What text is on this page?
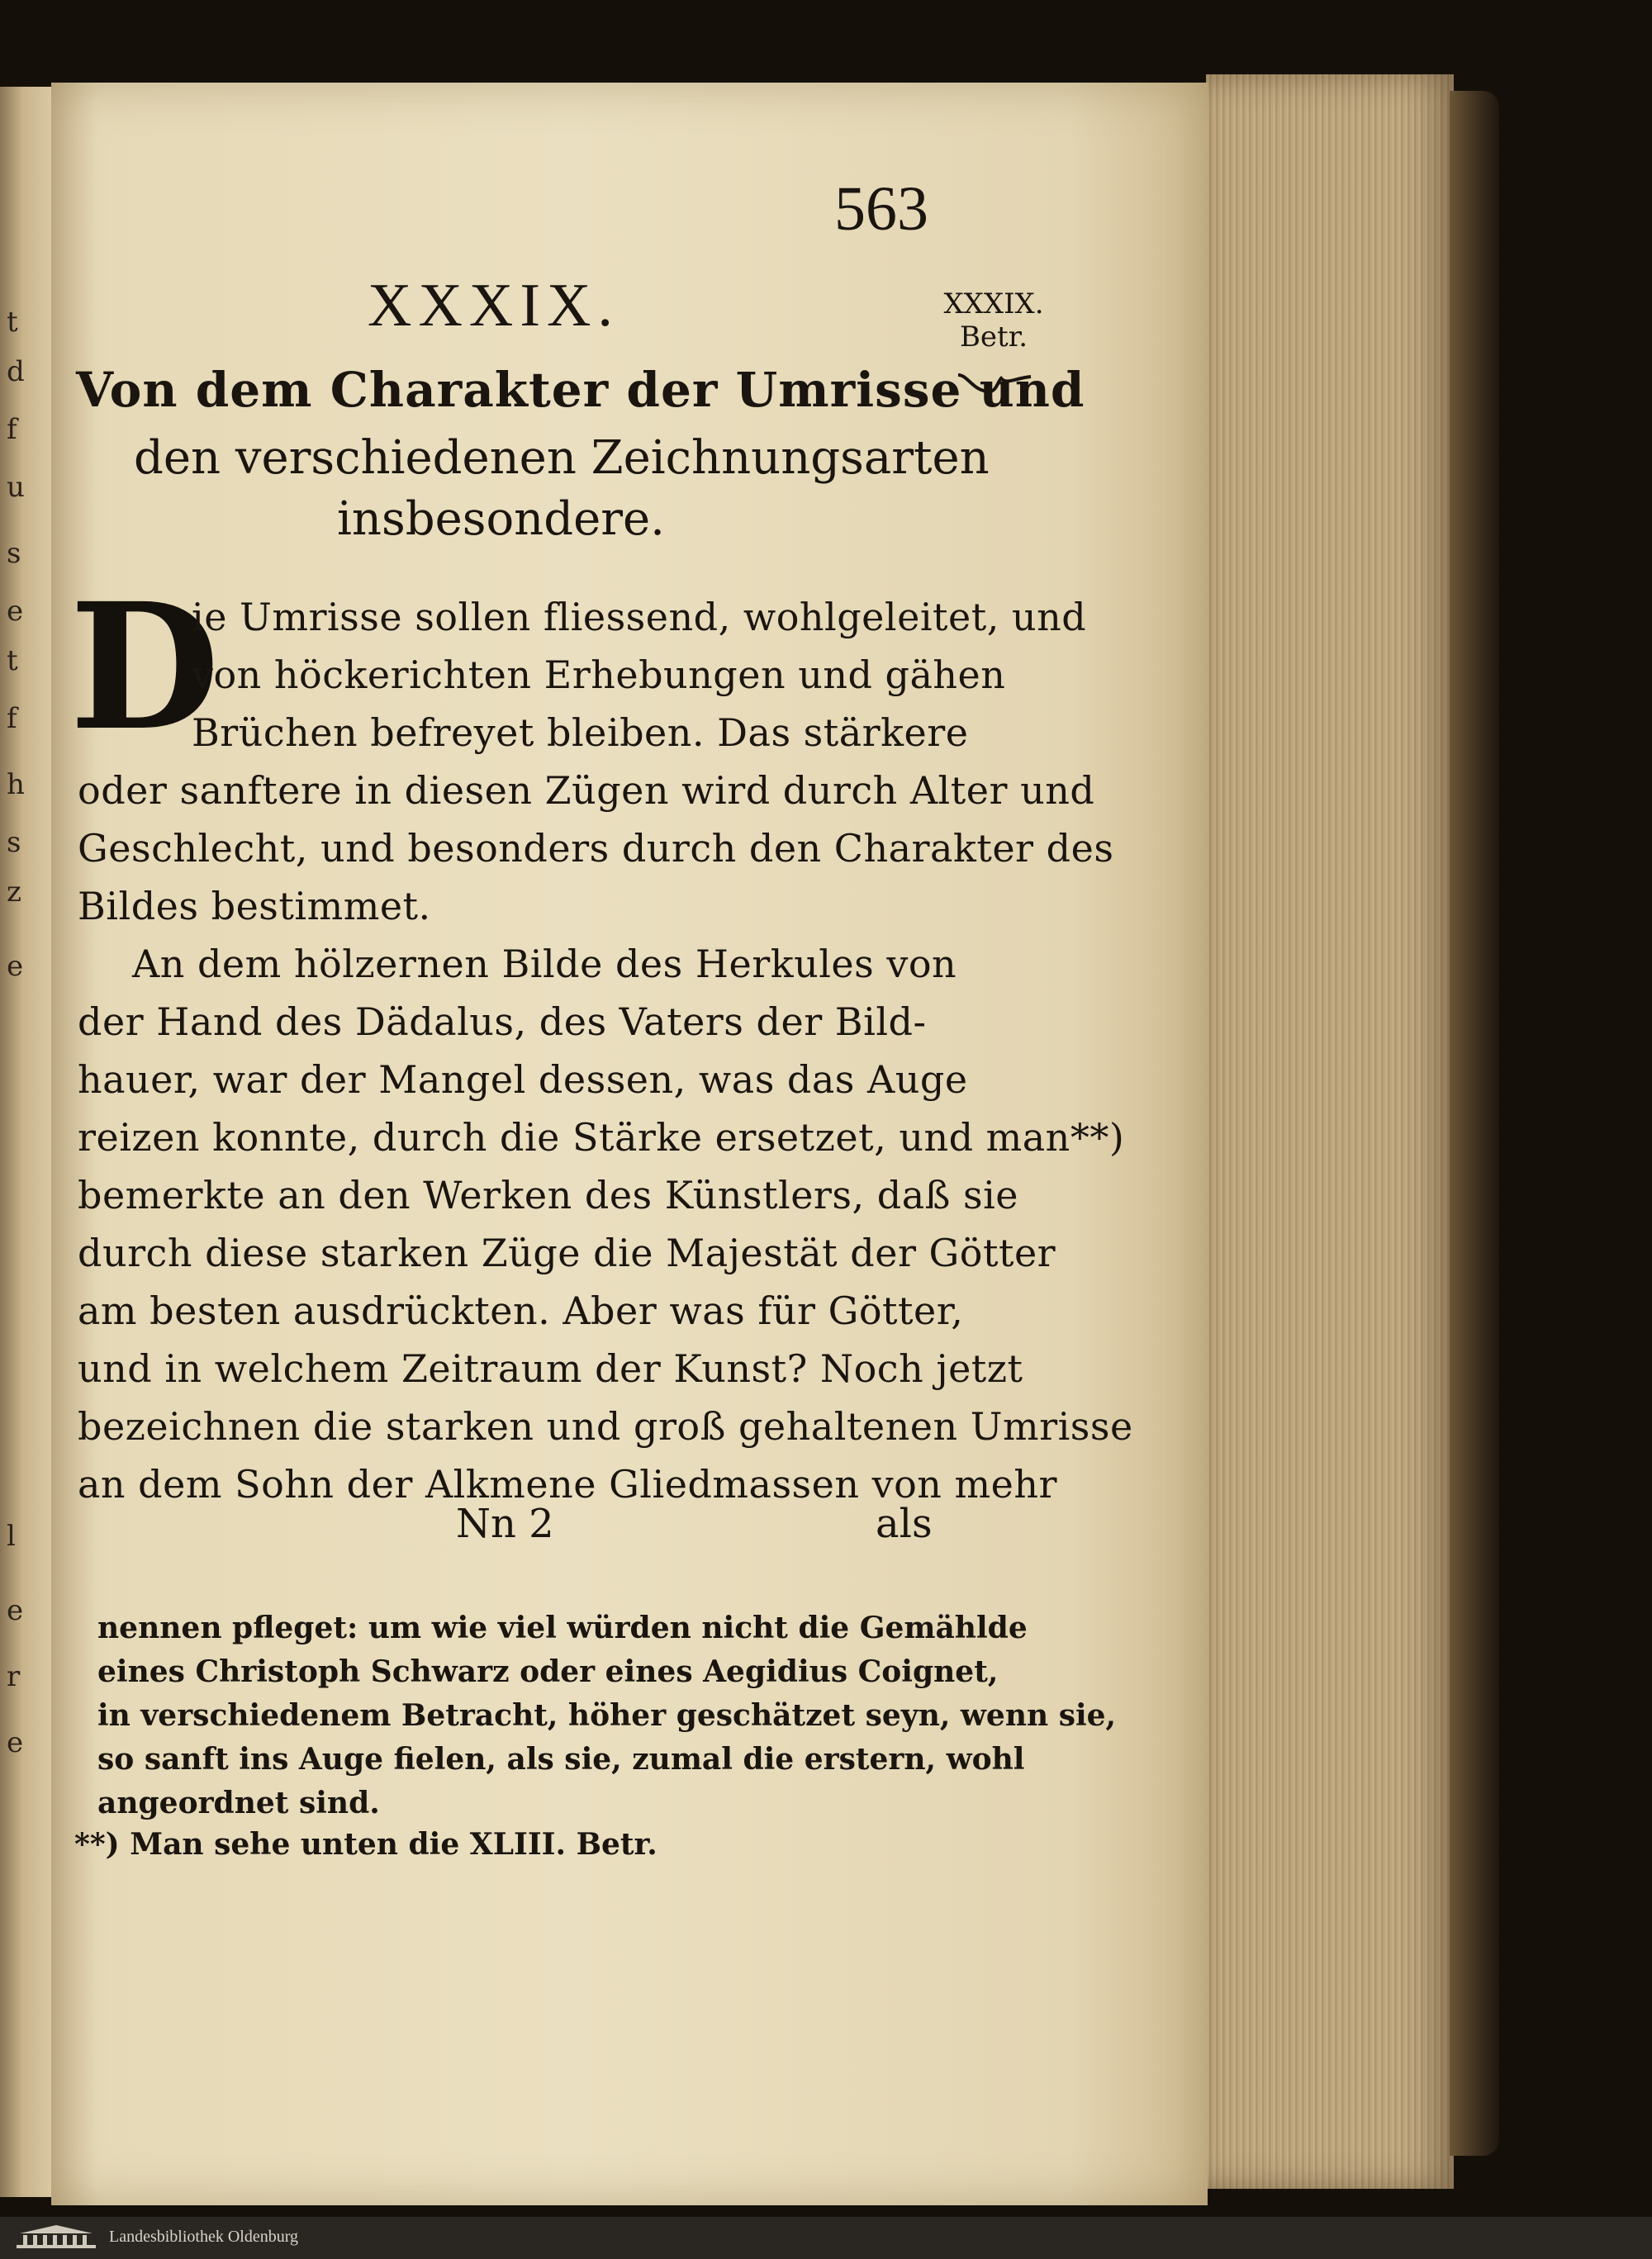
t
d
f
u
s
e
t
f
h
s
z
e
l
e
r
e
563
XXXIX.	XXXIX.
Betr.
Von dem Charakter der Umrisse und
den verschiedenen Zeichnungsarten
insbesondere.
D
ie Umrisse sollen fliessend, wohlgeleitet, und
von höckerichten Erhebungen und gähen
Brüchen befreyet bleiben. Das stärkere
oder sanftere in diesen Zügen wird durch Alter und
Geschlecht, und besonders durch den Charakter des
Bildes bestimmet.
An dem hölzernen Bilde des Herkules von
der Hand des Dädalus, des Vaters der Bild-
hauer, war der Mangel dessen, was das Auge
reizen konnte, durch die Stärke ersetzet, und man**)
bemerkte an den Werken des Künstlers, daß sie
durch diese starken Züge die Majestät der Götter
am besten ausdrückten. Aber was für Götter,
und in welchem Zeitraum der Kunst? Noch jetzt
bezeichnen die starken und groß gehaltenen Umrisse
an dem Sohn der Alkmene Gliedmassen von mehr
Nn 2	als
nennen pfleget: um wie viel würden nicht die Gemählde
eines Christoph Schwarz oder eines Aegidius Coignet,
in verschiedenem Betracht, höher geschätzet seyn, wenn sie,
so sanft ins Auge fielen, als sie, zumal die erstern, wohl
angeordnet sind.
**) Man sehe unten die XLIII. Betr.
Landesbibliothek Oldenburg
